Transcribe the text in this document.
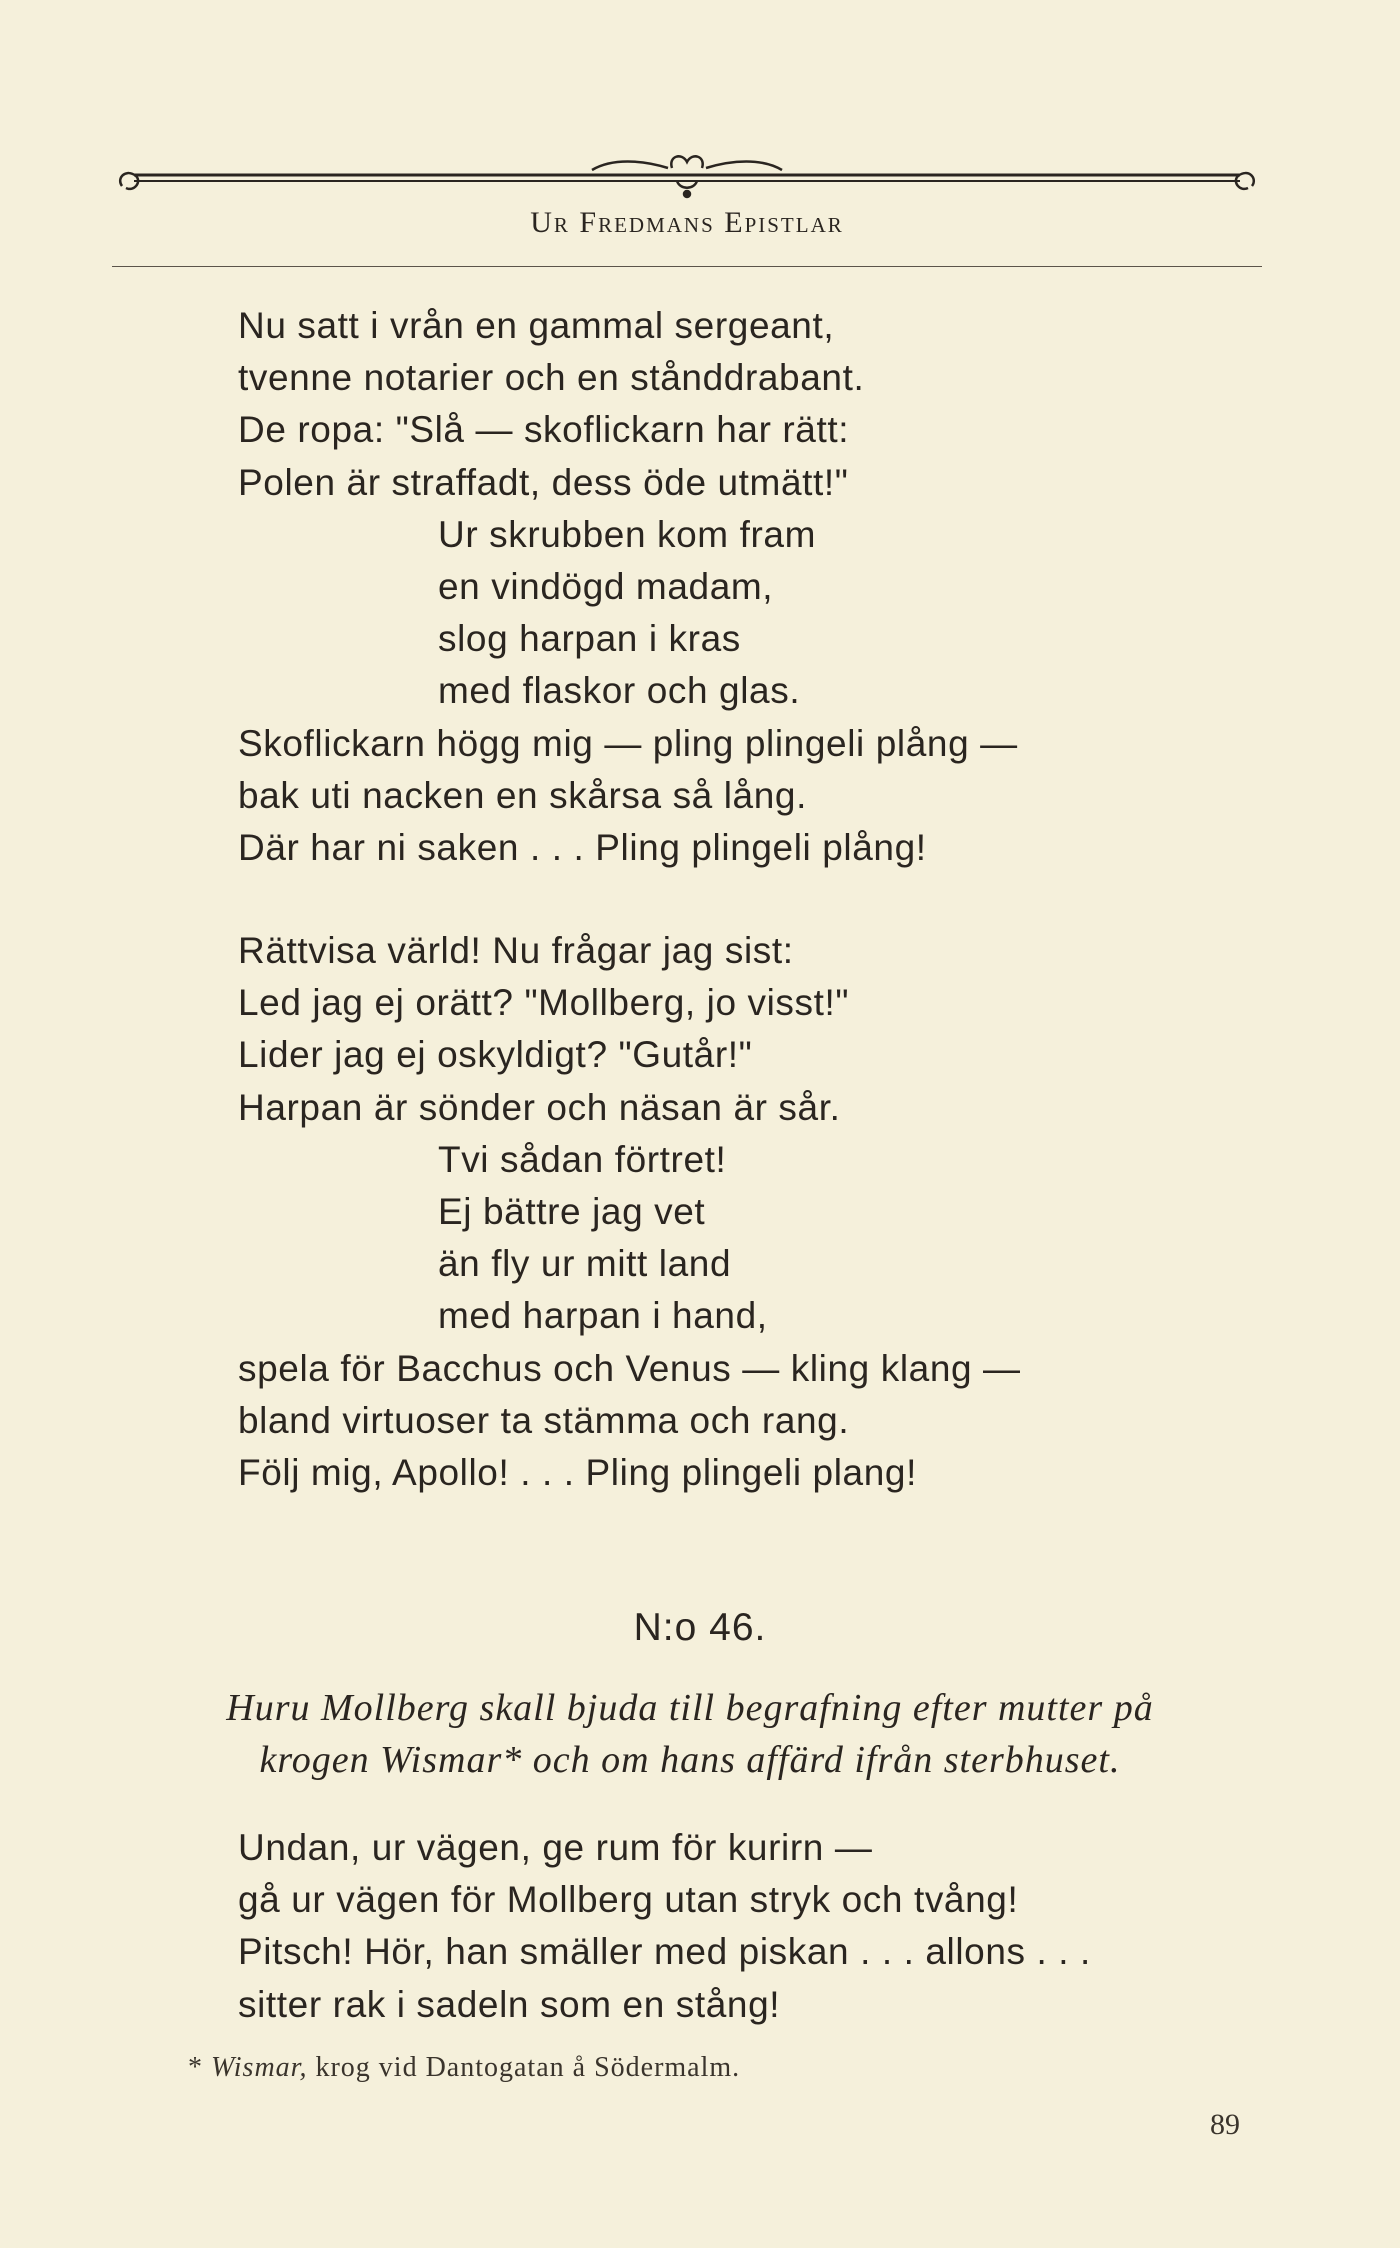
Ur Fredmans Epistlar
Nu satt i vrån en gammal sergeant,
tvenne notarier och en stånddrabant.
De ropa: "Slå — skoflickarn har rätt:
Polen är straffadt, dess öde utmätt!"
Ur skrubben kom fram
en vindögd madam,
slog harpan i kras
med flaskor och glas.
Skoflickarn högg mig — pling plingeli plång —
bak uti nacken en skårsa så lång.
Där har ni saken . . . Pling plingeli plång!
Rättvisa värld! Nu frågar jag sist:
Led jag ej orätt? "Mollberg, jo visst!"
Lider jag ej oskyldigt? "Gutår!"
Harpan är sönder och näsan är sår.
Tvi sådan förtret!
Ej bättre jag vet
än fly ur mitt land
med harpan i hand,
spela för Bacchus och Venus — kling klang —
bland virtuoser ta stämma och rang.
Följ mig, Apollo! . . . Pling plingeli plang!
N:o 46.
Huru Mollberg skall bjuda till begrafning efter mutter på
krogen Wismar* och om hans affärd ifrån sterbhuset.
Undan, ur vägen, ge rum för kurirn —
gå ur vägen för Mollberg utan stryk och tvång!
Pitsch! Hör, han smäller med piskan . . . allons . . .
sitter rak i sadeln som en stång!
* Wismar, krog vid Dantogatan å Södermalm.
89
